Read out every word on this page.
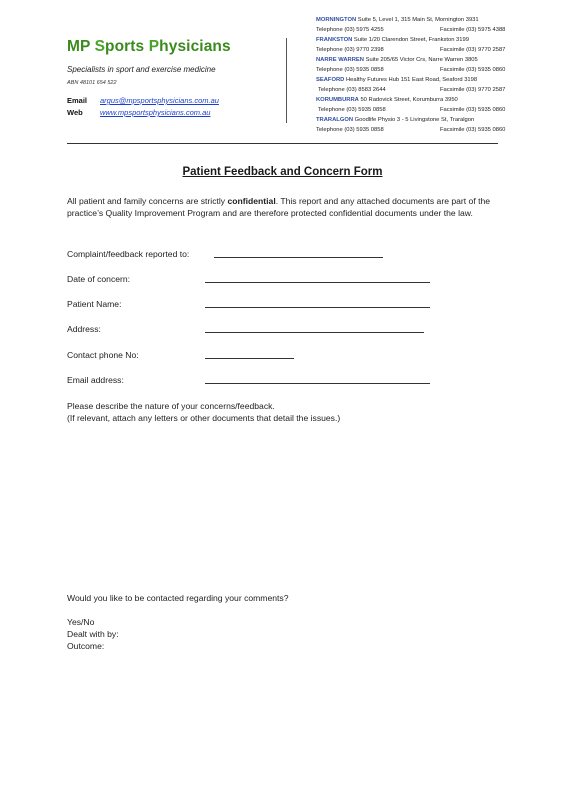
MP Sports Physicians
Specialists in sport and exercise medicine
ABN 48101 654 522
Email argus@mpsportsphysicians.com.au
Web www.mpsportsphysicians.com.au
MORNINGTON Suite 5, Level 1, 315 Main St, Mornington 3931
Telephone (03) 5975 4255	Facsimile (03) 5975 4388
FRANKSTON Suite 1/20 Clarendon Street, Frankston 3199
Telephone (03) 9770 2398	Facsimile (03) 9770 2587
NARRE WARREN Suite 205/65 Victor Crs, Narre Warren 3805
Telephone (03) 5935 0858	Facsimile (03) 5935 0860
SEAFORD Healthy Futures Hub 151 East Road, Seaford 3198
Telephone (03) 8583 2644	Facsimile (03) 9770 2587
KORUMBURRA 50 Radovick Street, Korumburra 3950
Telephone (03) 5935 0858	Facsimile (03) 5935 0860
TRARALGON Goodlife Physio 3 - 5 Livingstone St, Traralgon
Telephone (03) 5935 0858	Facsimile (03) 5935 0860
Patient Feedback and Concern Form
All patient and family concerns are strictly confidential. This report and any attached documents are part of the practice’s Quality Improvement Program and are therefore protected confidential documents under the law.
Complaint/feedback reported to:
Date of concern:
Patient Name:
Address:
Contact phone No:
Email address:
Please describe the nature of your concerns/feedback.
(If relevant, attach any letters or other documents that detail the issues.)
Would you like to be contacted regarding your comments?
Yes/No
Dealt with by:
Outcome:
